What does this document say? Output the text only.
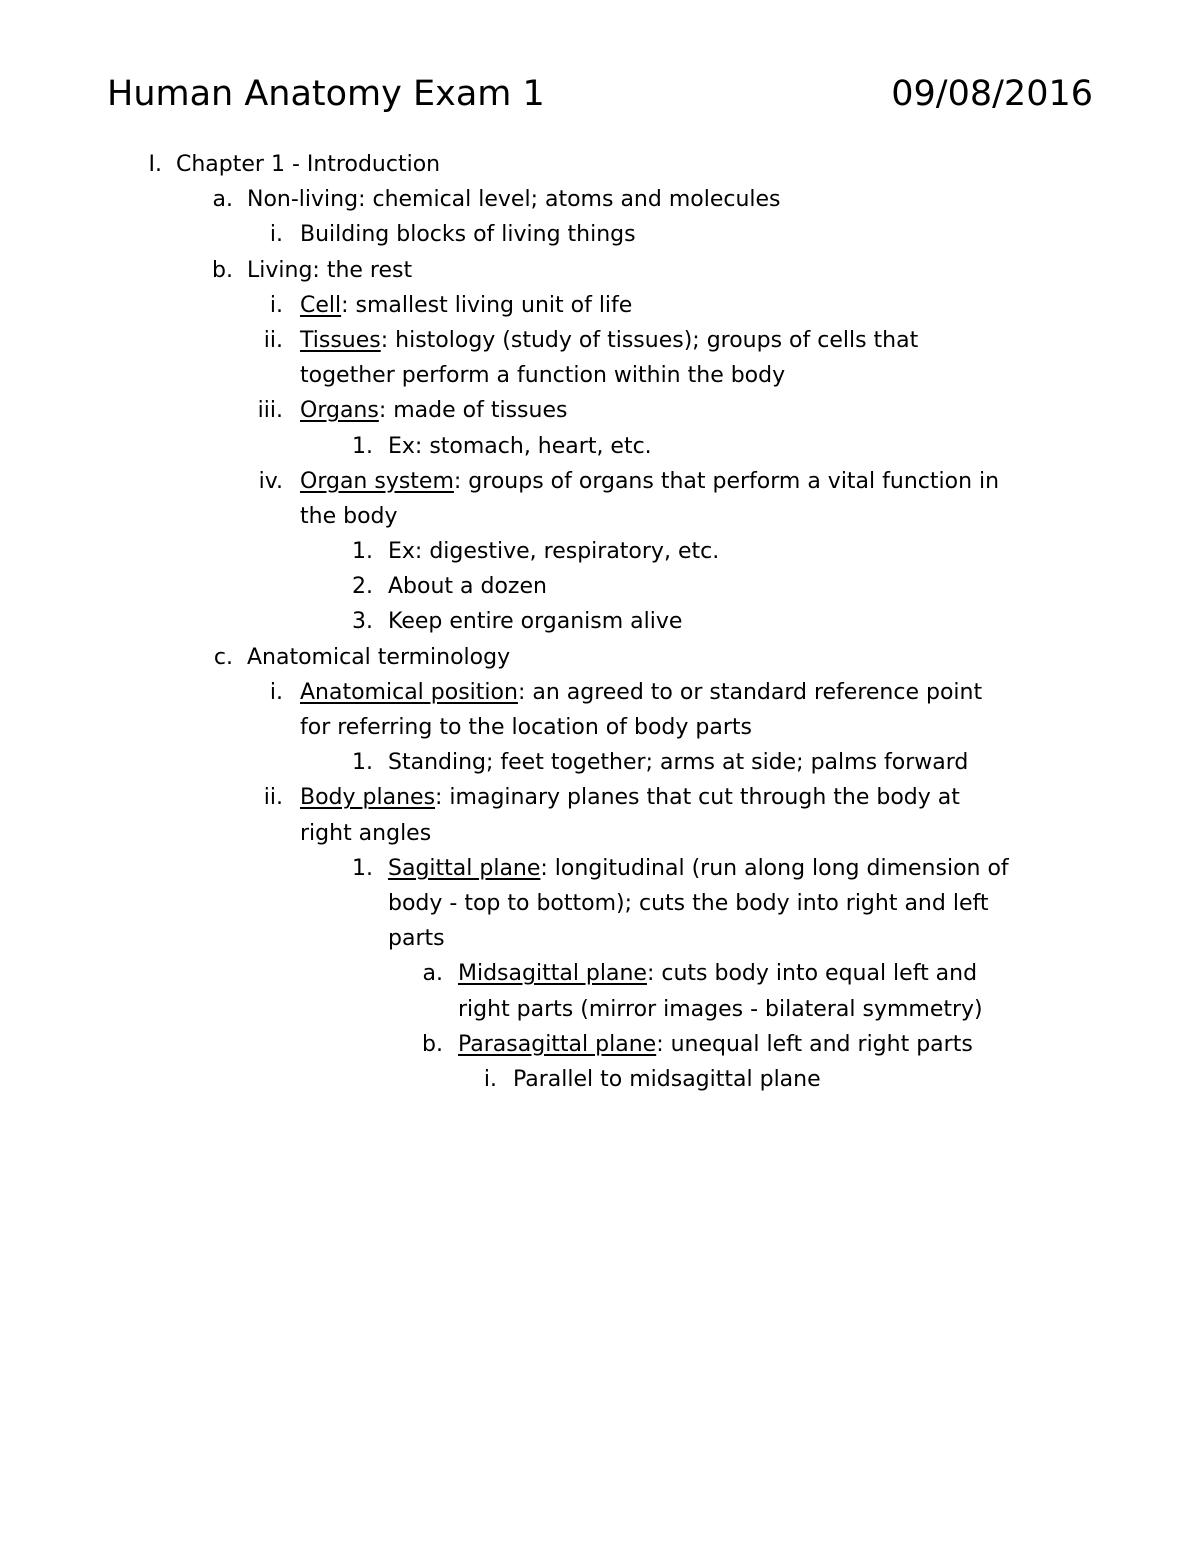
Human Anatomy Exam 1	09/08/2016
I. Chapter 1 - Introduction
a. Non-living: chemical level; atoms and molecules
i. Building blocks of living things
b. Living: the rest
i. Cell: smallest living unit of life
ii. Tissues: histology (study of tissues); groups of cells that
together perform a function within the body
iii. Organs: made of tissues
1. Ex: stomach, heart, etc.
iv. Organ system: groups of organs that perform a vital function in
the body
1. Ex: digestive, respiratory, etc.
2. About a dozen
3. Keep entire organism alive
c. Anatomical terminology
i. Anatomical position: an agreed to or standard reference point
for referring to the location of body parts
1. Standing; feet together; arms at side; palms forward
ii. Body planes: imaginary planes that cut through the body at
right angles
1. Sagittal plane: longitudinal (run along long dimension of
body - top to bottom); cuts the body into right and left
parts
a. Midsagittal plane: cuts body into equal left and
right parts (mirror images - bilateral symmetry)
b. Parasagittal plane: unequal left and right parts
i. Parallel to midsagittal plane
